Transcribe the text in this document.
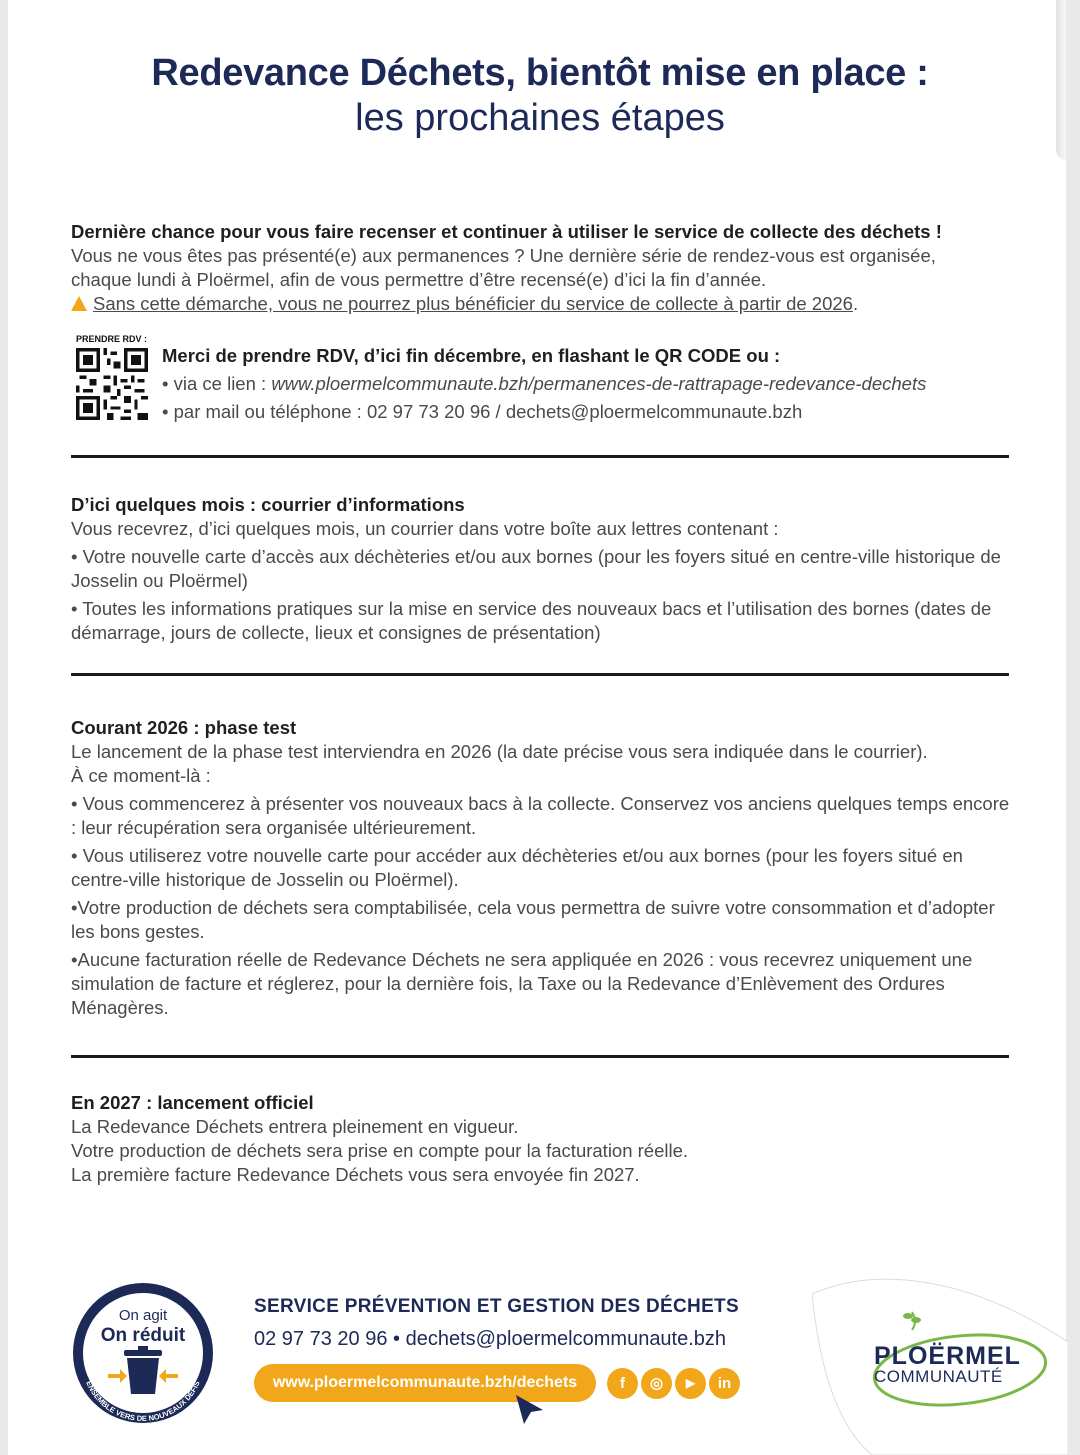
Redevance Déchets, bientôt mise en place :
les prochaines étapes

Dernière chance pour vous faire recenser et continuer à utiliser le service de collecte des déchets !

Vous ne vous êtes pas présenté(e) aux permanences ? Une dernière série de rendez-vous est organisée,

chaque lundi à Ploërmel, afin de vous permettre d’être recensé(e) d’ici la fin d’année.

Sans cette démarche, vous ne pourrez plus bénéficier du service de collecte à partir de 2026.

PRENDRE RDV :
Merci de prendre RDV, d’ici fin décembre, en flashant le QR CODE ou :
• via ce lien : www.ploermelcommunaute.bzh/permanences-de-rattrapage-redevance-dechets
• par mail ou téléphone : 02 97 73 20 96 / dechets@ploermelcommunaute.bzh

D’ici quelques mois : courrier d’informations

Vous recevrez, d’ici quelques mois, un courrier dans votre boîte aux lettres contenant :

• Votre nouvelle carte d’accès aux déchèteries et/ou aux bornes (pour les foyers situé en centre-ville historique de Josselin ou Ploërmel)

• Toutes les informations pratiques sur la mise en service des nouveaux bacs et l’utilisation des bornes (dates de démarrage, jours de collecte, lieux et consignes de présentation)

Courant 2026 : phase test

Le lancement de la phase test interviendra en 2026 (la date précise vous sera indiquée dans le courrier).

À ce moment-là :

• Vous commencerez à présenter vos nouveaux bacs à la collecte. Conservez vos anciens quelques temps encore : leur récupération sera organisée ultérieurement.

• Vous utiliserez votre nouvelle carte pour accéder aux déchèteries et/ou aux bornes (pour les foyers situé en centre-ville historique de Josselin ou Ploërmel).

•Votre production de déchets sera comptabilisée, cela vous permettra de suivre votre consommation et d’adopter les bons gestes.

•Aucune facturation réelle de Redevance Déchets ne sera appliquée en 2026 : vous recevrez uniquement une simulation de facture et réglerez, pour la dernière fois, la Taxe ou la Redevance d’Enlèvement des Ordures Ménagères.

En 2027 : lancement officiel

La Redevance Déchets entrera pleinement en vigueur.

Votre production de déchets sera prise en compte pour la facturation réelle.

La première facture Redevance Déchets vous sera envoyée fin 2027.

On agit
On réduit
ENSEMBLE VERS DE NOUVEAUX DÉFIS
SERVICE PRÉVENTION ET GESTION DES DÉCHETS
02 97 73 20 96 • dechets@ploermelcommunaute.bzh
www.ploermelcommunaute.bzh/dechets	f	◎	▶	in
PLOËRMEL
COMMUNAUTÉ
